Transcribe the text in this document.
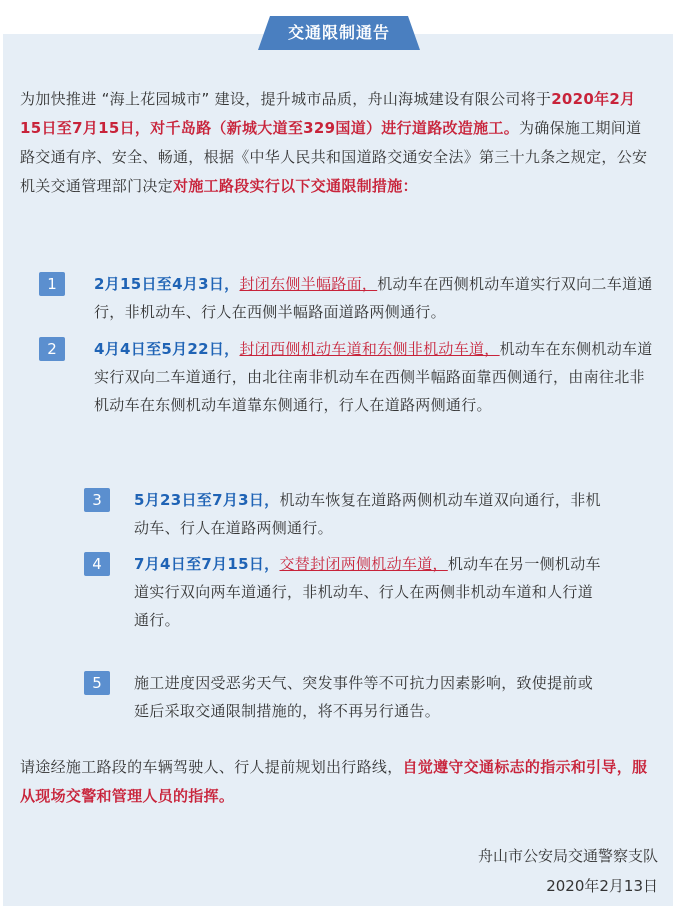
交通限制通告
为加快推进 “海上花园城市” 建设，提升城市品质，舟山海城建设有限公司将于2020年2月15日至7月15日，对千岛路（新城大道至329国道）进行道路改造施工。为确保施工期间道路交通有序、安全、畅通，根据《中华人民共和国道路交通安全法》第三十九条之规定，公安机关交通管理部门决定对施工路段实行以下交通限制措施：
1	2月15日至4月3日，封闭东侧半幅路面，机动车在西侧机动车道实行双向二车道通行，非机动车、行人在西侧半幅路面道路两侧通行。
2	4月4日至5月22日，封闭西侧机动车道和东侧非机动车道，机动车在东侧机动车道实行双向二车道通行，由北往南非机动车在西侧半幅路面靠西侧通行，由南往北非机动车在东侧机动车道靠东侧通行，行人在道路两侧通行。
3	5月23日至7月3日，机动车恢复在道路两侧机动车道双向通行，非机动车、行人在道路两侧通行。
4	7月4日至7月15日，交替封闭两侧机动车道，机动车在另一侧机动车道实行双向两车道通行，非机动车、行人在两侧非机动车道和人行道通行。
5	施工进度因受恶劣天气、突发事件等不可抗力因素影响，致使提前或延后采取交通限制措施的，将不再另行通告。
请途经施工路段的车辆驾驶人、行人提前规划出行路线，自觉遵守交通标志的指示和引导，服从现场交警和管理人员的指挥。
舟山市公安局交通警察支队
2020年2月13日
